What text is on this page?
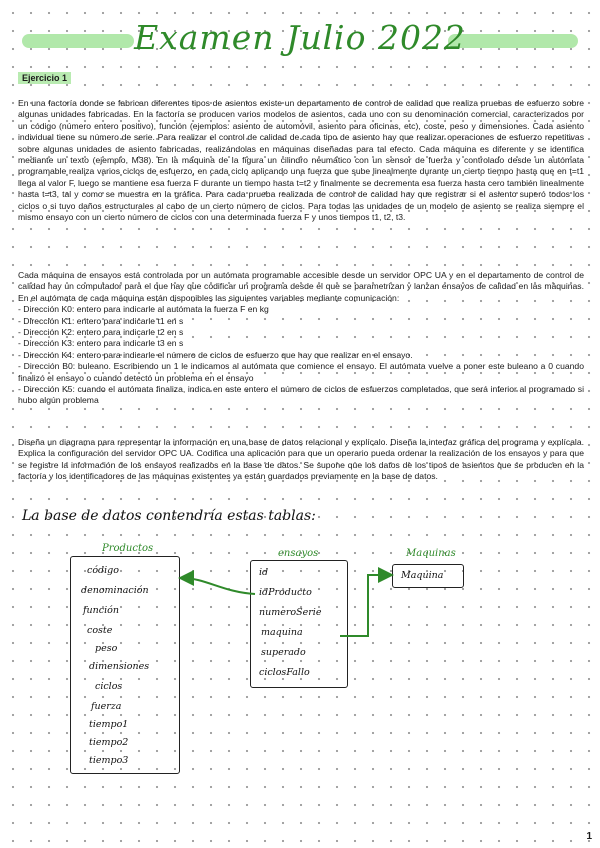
Examen Julio 2022
Ejercicio 1

En una factoría donde se fabrican diferentes tipos de asientos existe un departamento de control de calidad que realiza pruebas de esfuerzo sobre algunas unidades fabricadas. En la factoría se producen varios modelos de asientos, cada uno con su denominación comercial, caracterizados por un código (número entero positivo), función (ejemplos: asiento de automóvil, asiento para oficinas, etc), coste, peso y dimensiones. Cada asiento individual tiene su número de serie. Para realizar el control de calidad de cada tipo de asiento hay que realizar operaciones de esfuerzo repetitivas sobre algunas unidades de asiento fabricadas, realizándolas en máquinas diseñadas para tal efecto. Cada máquina es diferente y se identifica mediante un texto (ejemplo, M38). En la máquina de la figura un cilindro neumático con un sensor de fuerza y controlado desde un autómata programable realiza varios ciclos de esfuerzo, en cada ciclo aplicando una fuerza que sube linealmente durante un cierto tiempo hasta que en t=t1 llega al valor F, luego se mantiene esa fuerza F durante un tiempo hasta t=t2 y finalmente se decrementa esa fuerza hasta cero también linealmente hasta t=t3, tal y como se muestra en la gráfica. Para cada prueba realizada de control de calidad hay que registrar si el asiento superó todos los ciclos o si tuvo daños estructurales al cabo de un cierto número de ciclos. Para todas las unidades de un modelo de asiento se realiza siempre el mismo ensayo con un cierto número de ciclos con una determinada fuerza F y unos tiempos t1, t2, t3.

Cada máquina de ensayos está controlada por un autómata programable accesible desde un servidor OPC UA y en el departamento de control de calidad hay un computador para el que hay que codificar un programa desde el que se parametrizan y lanzan ensayos de calidad en las máquinas. En el autómata de cada máquina están disponibles las siguientes variables mediante comunicación:
- Dirección K0: entero para indicarle al autómata la fuerza F en kg
- Dirección K1: entero para indicarle t1 en s
- Dirección K2: entero para indicarle t2 en s
- Dirección K3: entero para indicarle t3 en s
- Dirección K4: entero para indicarle el número de ciclos de esfuerzo que hay que realizar en el ensayo.
- Dirección B0: buleano. Escribiendo un 1 le indicamos al autómata que comience el ensayo. El autómata vuelve a poner este buleano a 0 cuando finalizó el ensayo o cuando detectó un problema en el ensayo
- Dirección K5: cuando el autómata finaliza, indica en este entero el número de ciclos de esfuerzos completados, que será inferior al programado si hubo algún problema

Diseña un diagrama para representar la información en una base de datos relacional y explícalo. Diseña la interfaz gráfica del programa y explícala. Explica la configuración del servidor OPC UA. Codifica una aplicación para que un operario pueda ordenar la realización de los ensayos y para que se registre la información de los ensayos realizados en la base de datos. Se supone que los datos de los tipos de asientos que se producen en la factoría y los identificadores de las máquinas existentes ya están guardados previamente en la base de datos.

La base de datos contendría estas tablas:
Productos
código
denominación
función
coste
peso
dimensiones
ciclos
fuerza
tiempo1
tiempo2
tiempo3
ensayos
id
idProducto
numeroSerie
maquina
superado
ciclosFallo
Maquinas
Maquina
1
